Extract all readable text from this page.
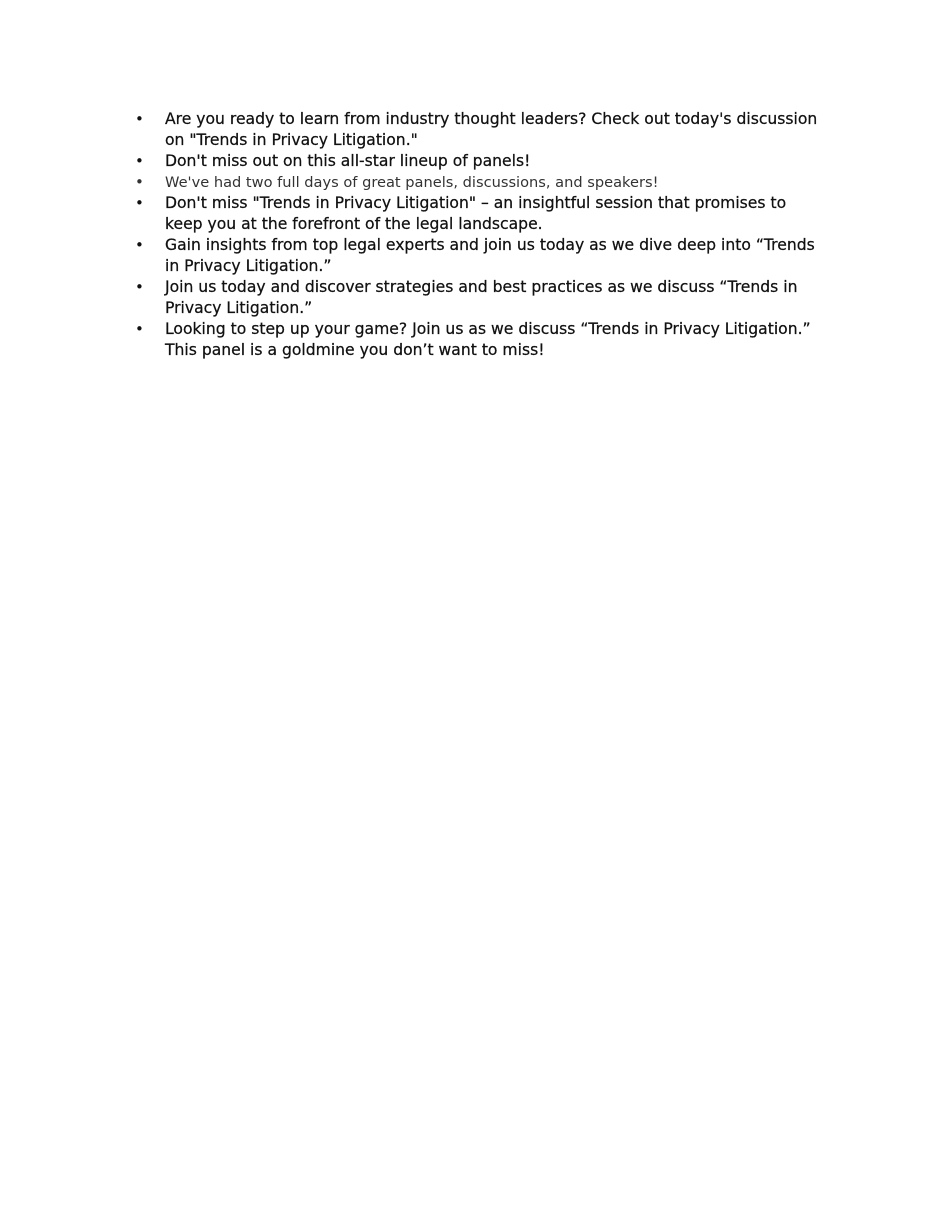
• Are you ready to learn from industry thought leaders? Check out today's discussion on "Trends in Privacy Litigation."
• Don't miss out on this all-star lineup of panels!
• We've had two full days of great panels, discussions, and speakers!
• Don't miss "Trends in Privacy Litigation" – an insightful session that promises to keep you at the forefront of the legal landscape.
• Gain insights from top legal experts and join us today as we dive deep into “Trends in Privacy Litigation.”
• Join us today and discover strategies and best practices as we discuss “Trends in Privacy Litigation.”
• Looking to step up your game? Join us as we discuss “Trends in Privacy Litigation.” This panel is a goldmine you don’t want to miss!
